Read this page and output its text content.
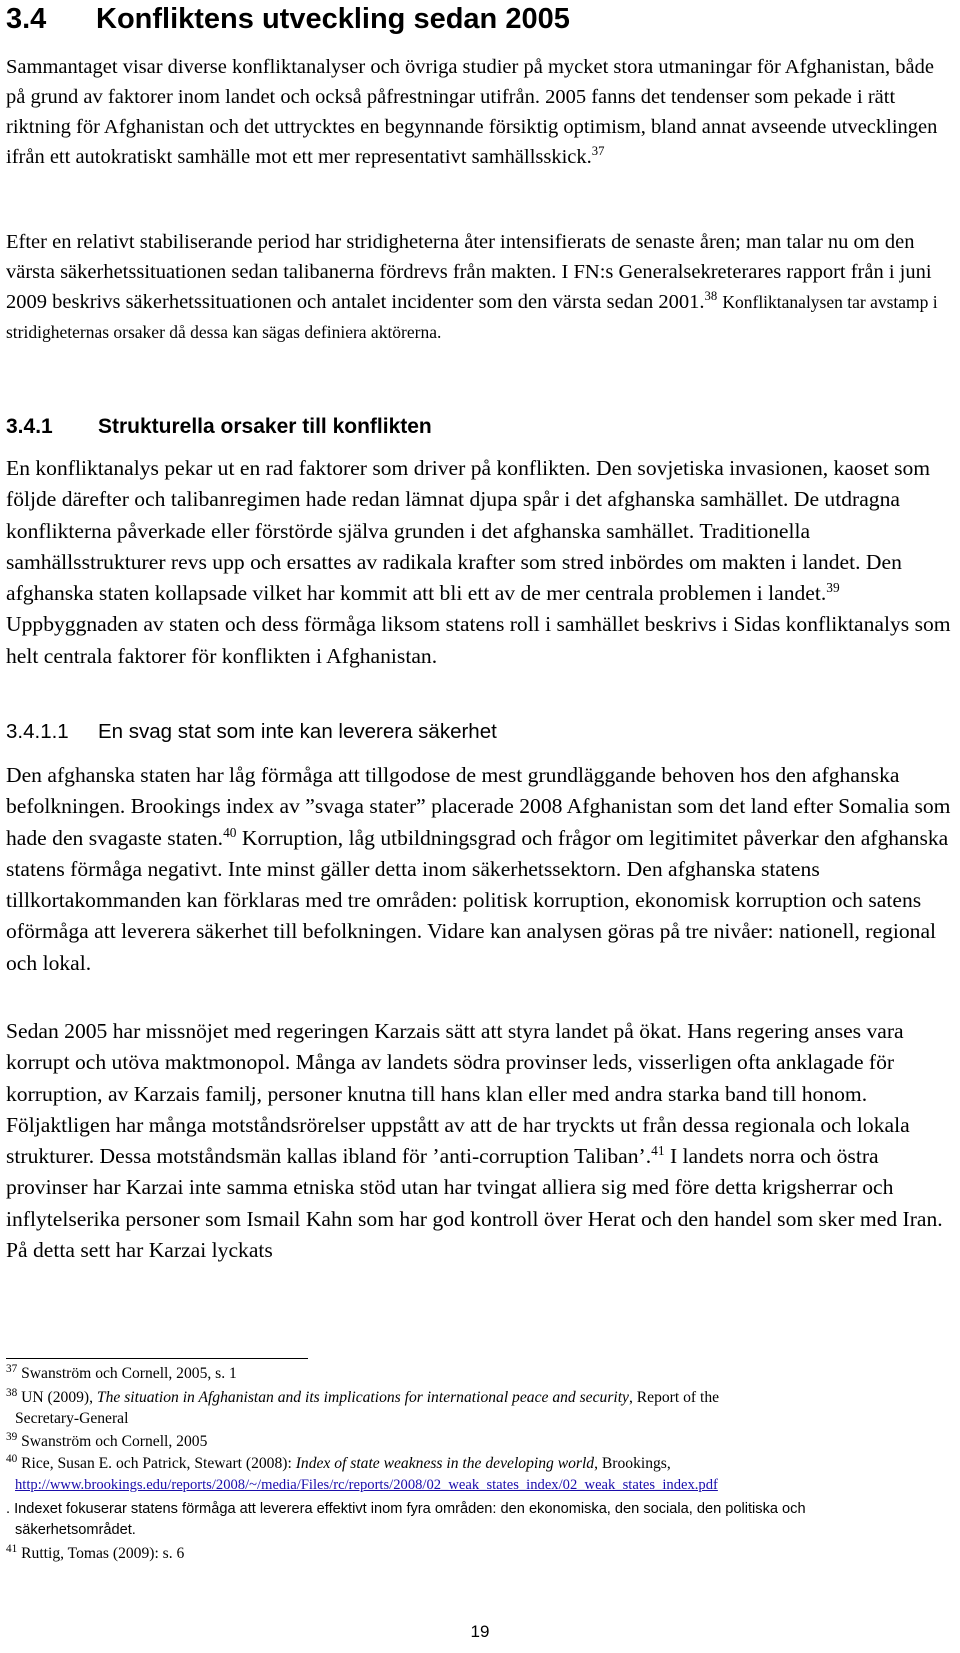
3.4 Konfliktens utveckling sedan 2005

Sammantaget visar diverse konfliktanalyser och övriga studier på mycket stora utmaningar för Afghanistan, både på grund av faktorer inom landet och också påfrestningar utifrån. 2005 fanns det tendenser som pekade i rätt riktning för Afghanistan och det uttrycktes en begynnande försiktig optimism, bland annat avseende utvecklingen ifrån ett autokratiskt samhälle mot ett mer representativt samhällsskick.$^{37}$

Efter en relativt stabiliserande period har stridigheterna åter intensifierats de senaste åren; man talar nu om den värsta säkerhetssituationen sedan talibanerna fördrevs från makten. I FN:s Generalsekreterares rapport från i juni 2009 beskrivs säkerhetssituationen och antalet incidenter som den värsta sedan 2001.38 Konfliktanalysen tar avstamp i stridigheternas orsaker då dessa kan sägas definiera aktörerna.

3.4.1 Strukturella orsaker till konflikten

En konfliktanalys pekar ut en rad faktorer som driver på konflikten. Den sovjetiska invasionen, kaoset som följde därefter och talibanregimen hade redan lämnat djupa spår i det afghanska samhället. De utdragna konflikterna påverkade eller förstörde själva grunden i det afghanska samhället. Traditionella samhällsstrukturer revs upp och ersattes av radikala krafter som stred inbördes om makten i landet. Den afghanska staten kollapsade vilket har kommit att bli ett av de mer centrala problemen i landet.$^{39}$ Uppbyggnaden av staten och dess förmåga liksom statens roll i samhället beskrivs i Sidas konfliktanalys som helt centrala faktorer för konflikten i Afghanistan.

3.4.1.1 En svag stat som inte kan leverera säkerhet

Den afghanska staten har låg förmåga att tillgodose de mest grundläggande behoven hos den afghanska befolkningen. Brookings index av ”svaga stater” placerade 2008 Afghanistan som det land efter Somalia som hade den svagaste staten.$^{40}$ Korruption, låg utbildningsgrad och frågor om legitimitet påverkar den afghanska statens förmåga negativt. Inte minst gäller detta inom säkerhetssektorn. Den afghanska statens tillkortakommanden kan förklaras med tre områden: politisk korruption, ekonomisk korruption och satens oförmåga att leverera säkerhet till befolkningen. Vidare kan analysen göras på tre nivåer: nationell, regional och lokal.

Sedan 2005 har missnöjet med regeringen Karzais sätt att styra landet på ökat. Hans regering anses vara korrupt och utöva maktmonopol. Många av landets södra provinser leds, visserligen ofta anklagade för korruption, av Karzais familj, personer knutna till hans klan eller med andra starka band till honom. Följaktligen har många motståndsrörelser uppstått av att de har tryckts ut från dessa regionala och lokala strukturer. Dessa motståndsmän kallas ibland för ’anti-corruption Taliban’.$^{41}$ I landets norra och östra provinser har Karzai inte samma etniska stöd utan har tvingat alliera sig med före detta krigsherrar och inflytelserika personer som Ismail Kahn som har god kontroll över Herat och den handel som sker med Iran. På detta sett har Karzai lyckats

$^{37}$ Swanström och Cornell, 2005, s. 1
$^{38}$ UN (2009), The situation in Afghanistan and its implications for international peace and security, Report of the
Secretary-General
$^{39}$ Swanström och Cornell, 2005
$^{40}$ Rice, Susan E. och Patrick, Stewart (2008): Index of state weakness in the developing world, Brookings,
http://www.brookings.edu/reports/2008/~/media/Files/rc/reports/2008/02_weak_states_index/02_weak_states_index.pdf
. Indexet fokuserar statens förmåga att leverera effektivt inom fyra områden: den ekonomiska, den sociala, den politiska och
säkerhetsområdet.
$^{41}$ Ruttig, Tomas (2009): s. 6
19
